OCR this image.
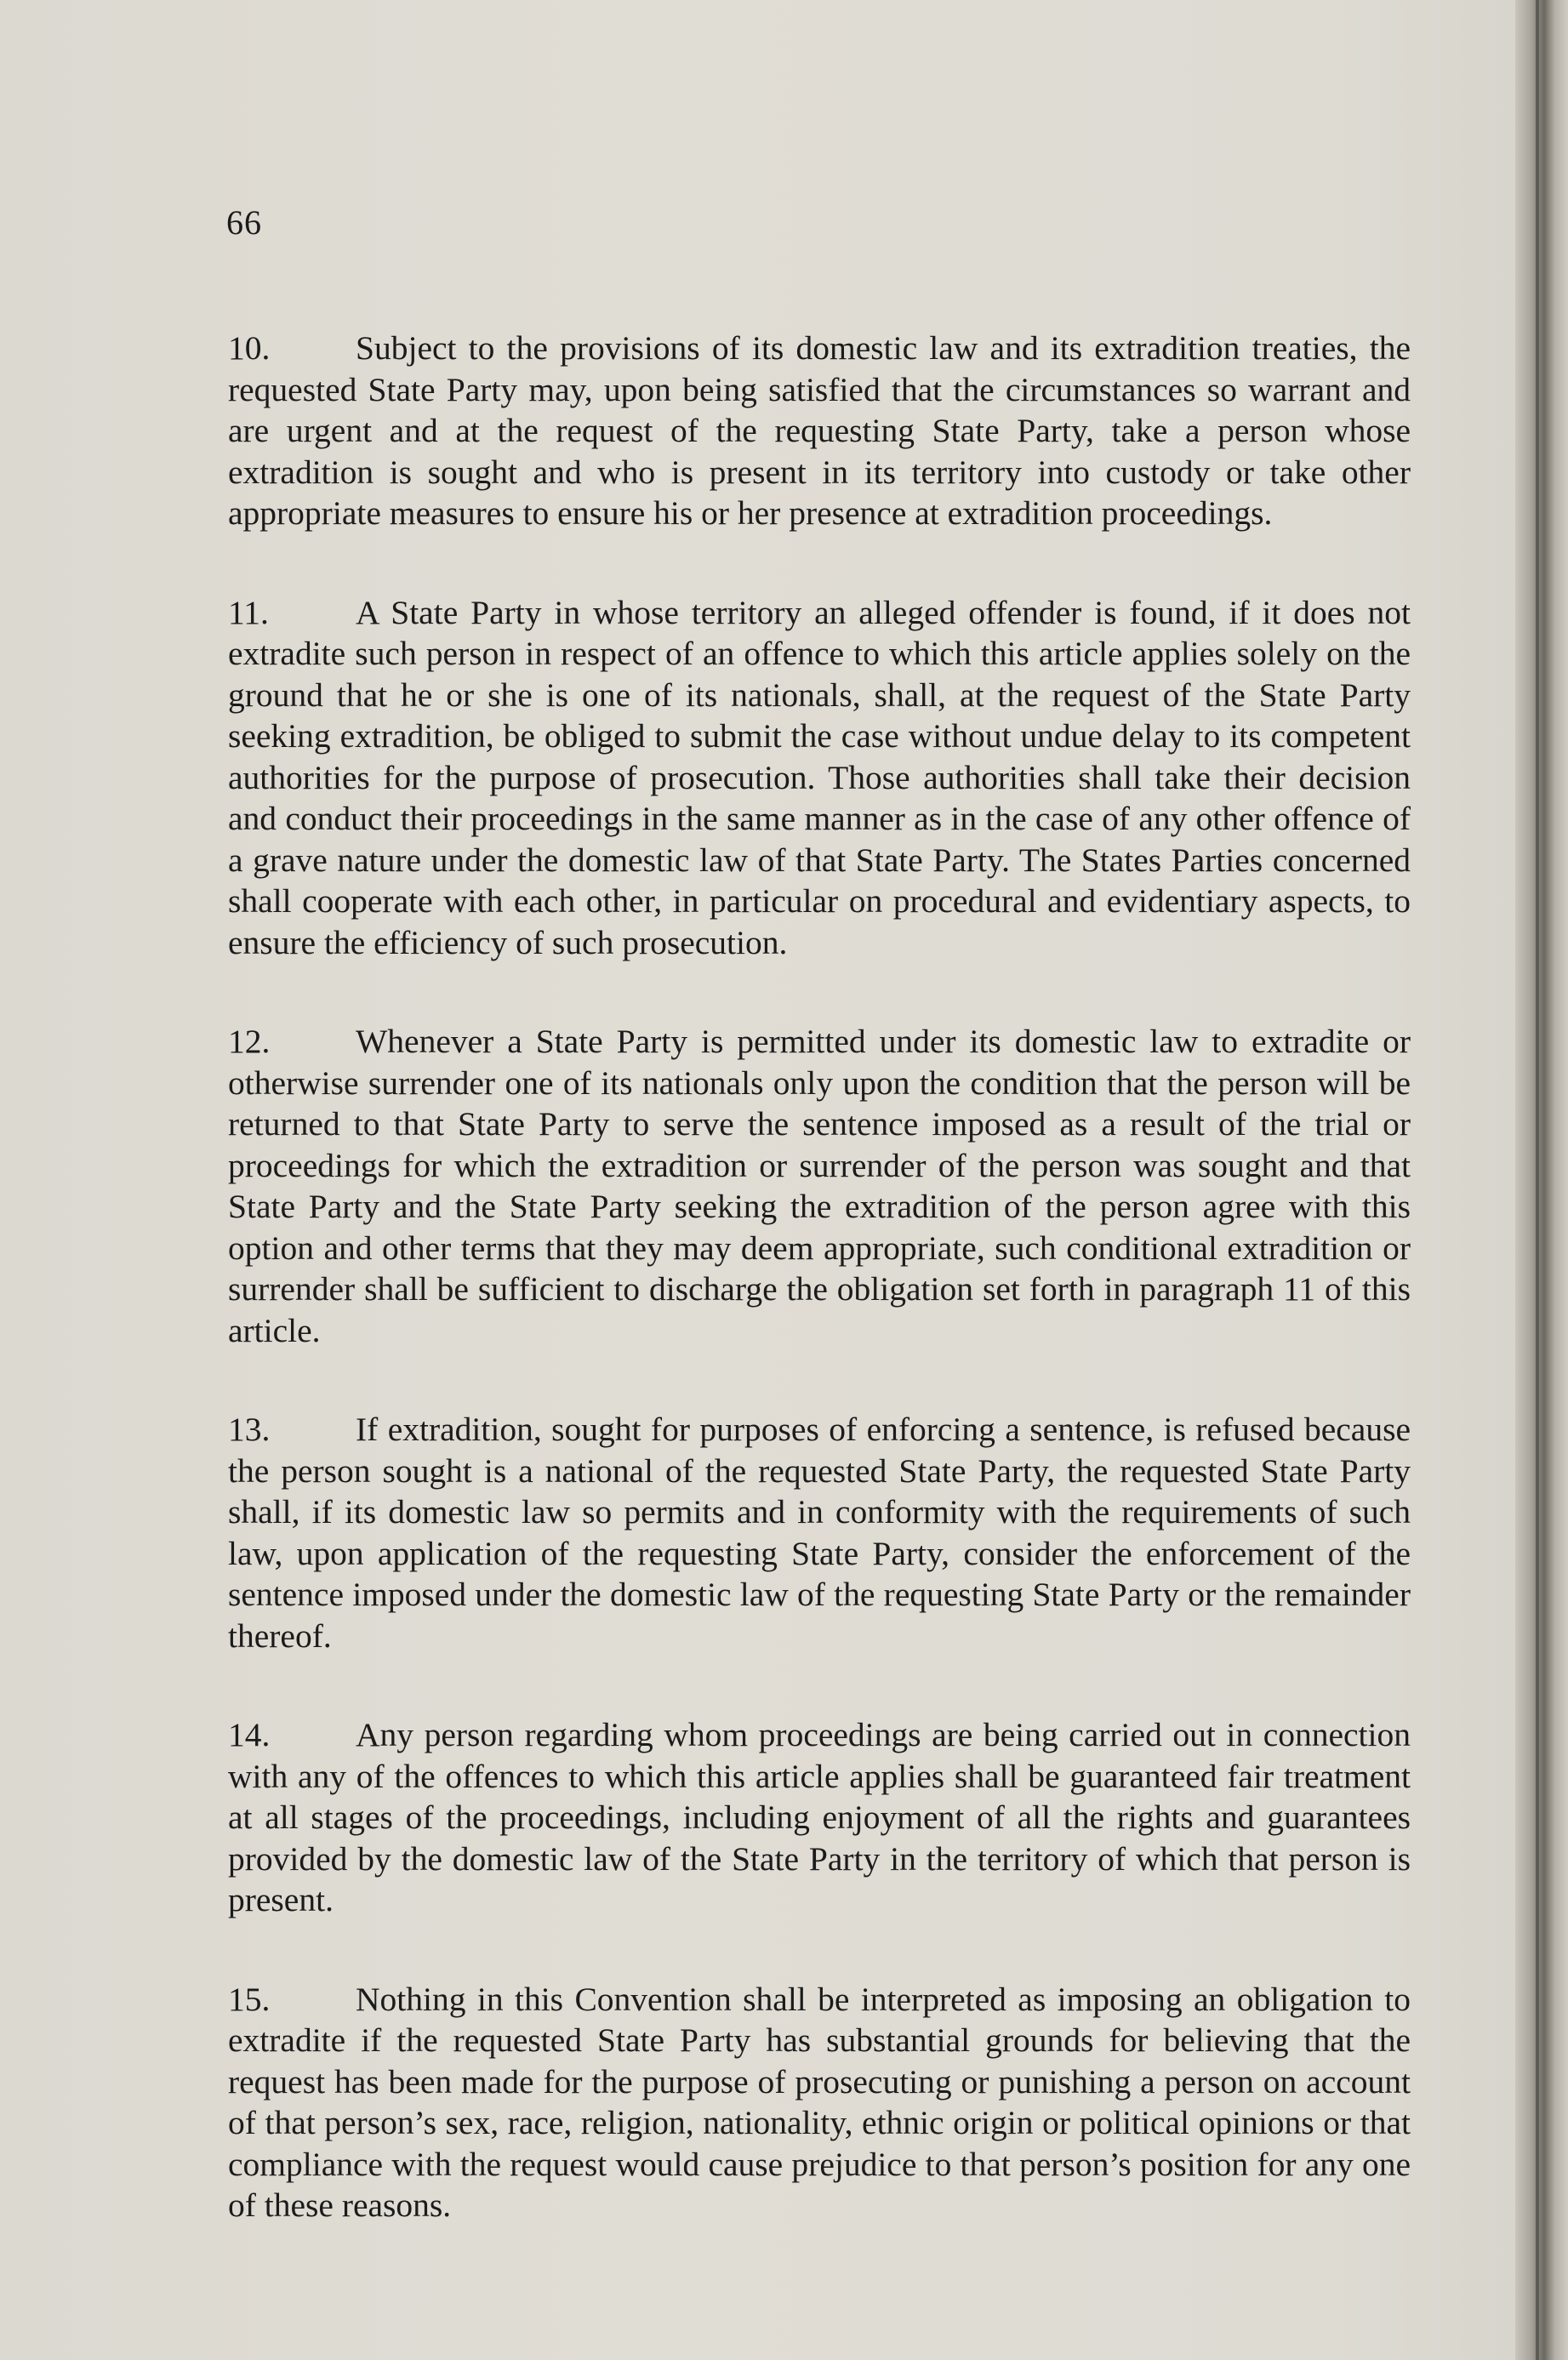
66

10.	Subject to the provisions of its domestic law and its extradition treaties, the requested State Party may, upon being satisfied that the circumstances so warrant and are urgent and at the request of the requesting State Party, take a person whose extradition is sought and who is present in its territory into custody or take other appropriate measures to ensure his or her presence at extradition proceedings.

11.	A State Party in whose territory an alleged offender is found, if it does not extradite such person in respect of an offence to which this article applies solely on the ground that he or she is one of its nationals, shall, at the request of the State Party seeking extradition, be obliged to submit the case without undue delay to its competent authorities for the purpose of prosecution. Those authorities shall take their decision and conduct their proceedings in the same manner as in the case of any other offence of a grave nature under the domestic law of that State Party. The States Parties concerned shall cooperate with each other, in particular on procedural and evidentiary aspects, to ensure the efficiency of such prosecution.

12.	Whenever a State Party is permitted under its domestic law to extradite or otherwise surrender one of its nationals only upon the condition that the person will be returned to that State Party to serve the sentence imposed as a result of the trial or proceedings for which the extradition or surrender of the person was sought and that State Party and the State Party seeking the extradition of the person agree with this option and other terms that they may deem appropriate, such conditional extradition or surrender shall be sufficient to discharge the obligation set forth in paragraph 11 of this article.

13.	If extradition, sought for purposes of enforcing a sentence, is refused because the person sought is a national of the requested State Party, the requested State Party shall, if its domestic law so permits and in conformity with the requirements of such law, upon application of the requesting State Party, consider the enforcement of the sentence imposed under the domestic law of the requesting State Party or the remainder thereof.

14.	Any person regarding whom proceedings are being carried out in connection with any of the offences to which this article applies shall be guaranteed fair treatment at all stages of the proceedings, including enjoyment of all the rights and guarantees provided by the domestic law of the State Party in the territory of which that person is present.

15.	Nothing in this Convention shall be interpreted as imposing an obligation to extradite if the requested State Party has substantial grounds for believing that the request has been made for the purpose of prosecuting or punishing a person on account of that person’s sex, race, religion, nationality, ethnic origin or political opinions or that compliance with the request would cause prejudice to that person’s position for any one of these reasons.
